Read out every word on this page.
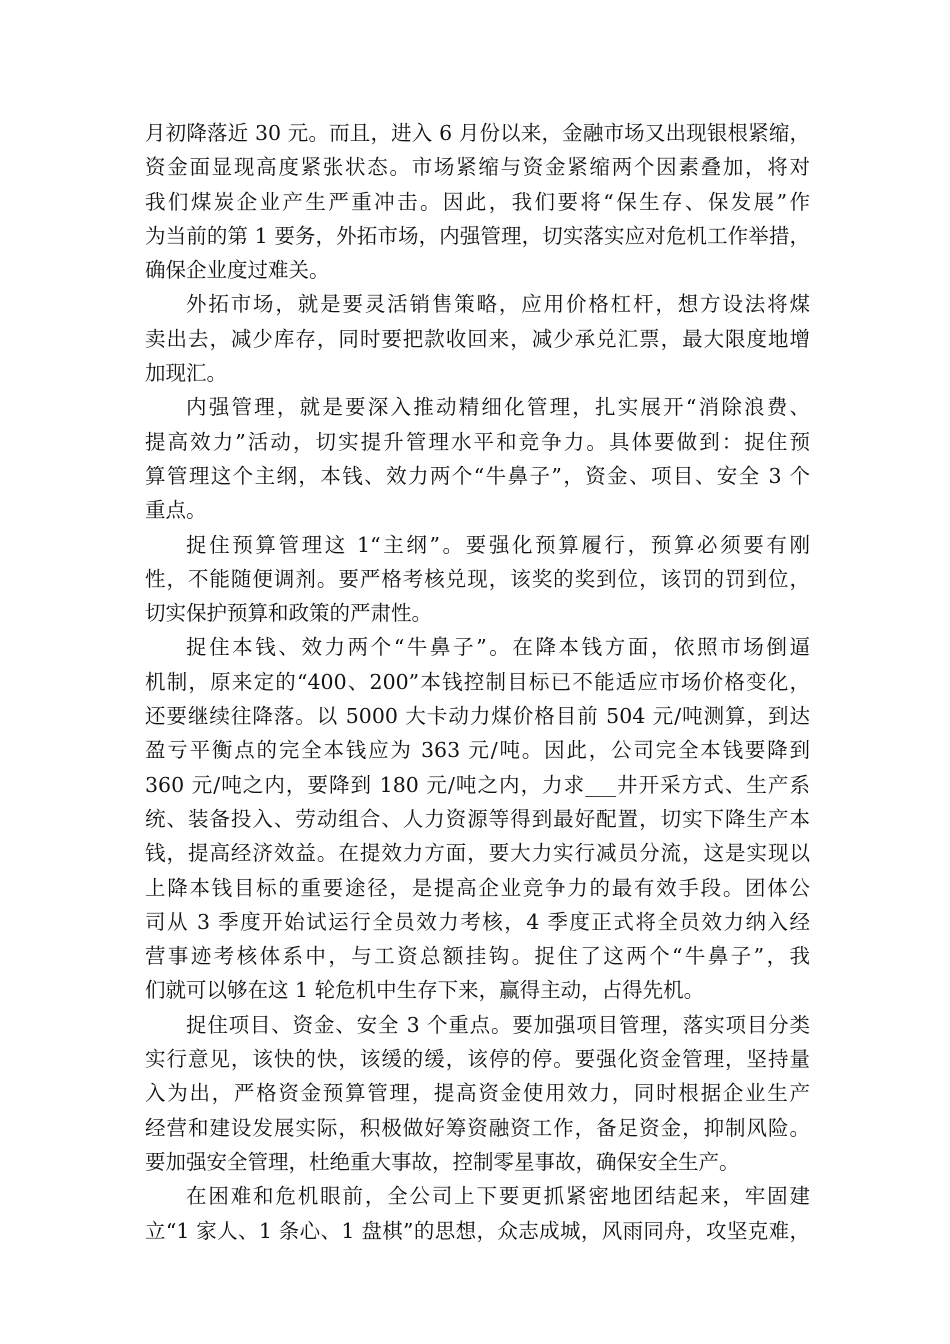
月初降落近 30 元。而且，进入 6 月份以来，金融市场又出现银根紧缩，
资金面显现高度紧张状态。市场紧缩与资金紧缩两个因素叠加，将对
我们煤炭企业产生严重冲击。因此，我们要将“保生存、保发展”作
为当前的第 1 要务，外拓市场，内强管理，切实落实应对危机工作举措，
确保企业度过难关。
外拓市场，就是要灵活销售策略，应用价格杠杆，想方设法将煤
卖出去，减少库存，同时要把款收回来，减少承兑汇票，最大限度地增
加现汇。
内强管理，就是要深入推动精细化管理，扎实展开“消除浪费、
提高效力”活动，切实提升管理水平和竞争力。具体要做到：捉住预
算管理这个主纲，本钱、效力两个“牛鼻子”，资金、项目、安全 3 个
重点。
捉住预算管理这 1“主纲”。要强化预算履行，预算必须要有刚
性，不能随便调剂。要严格考核兑现，该奖的奖到位，该罚的罚到位，
切实保护预算和政策的严肃性。
捉住本钱、效力两个“牛鼻子”。在降本钱方面，依照市场倒逼
机制，原来定的“400、200”本钱控制目标已不能适应市场价格变化，
还要继续往降落。以 5000 大卡动力煤价格目前 504 元/吨测算，到达
盈亏平衡点的完全本钱应为 363 元/吨。因此，公司完全本钱要降到
360 元/吨之内，要降到 180 元/吨之内，力求___井开采方式、生产系
统、装备投入、劳动组合、人力资源等得到最好配置，切实下降生产本
钱，提高经济效益。在提效力方面，要大力实行减员分流，这是实现以
上降本钱目标的重要途径，是提高企业竞争力的最有效手段。团体公
司从 3 季度开始试运行全员效力考核，4 季度正式将全员效力纳入经
营事迹考核体系中，与工资总额挂钩。捉住了这两个“牛鼻子”，我
们就可以够在这 1 轮危机中生存下来，赢得主动，占得先机。
捉住项目、资金、安全 3 个重点。要加强项目管理，落实项目分类
实行意见，该快的快，该缓的缓，该停的停。要强化资金管理，坚持量
入为出，严格资金预算管理，提高资金使用效力，同时根据企业生产
经营和建设发展实际，积极做好筹资融资工作，备足资金，抑制风险。
要加强安全管理，杜绝重大事故，控制零星事故，确保安全生产。
在困难和危机眼前，全公司上下要更抓紧密地团结起来，牢固建
立“1 家人、1 条心、1 盘棋”的思想，众志成城，风雨同舟，攻坚克难，
